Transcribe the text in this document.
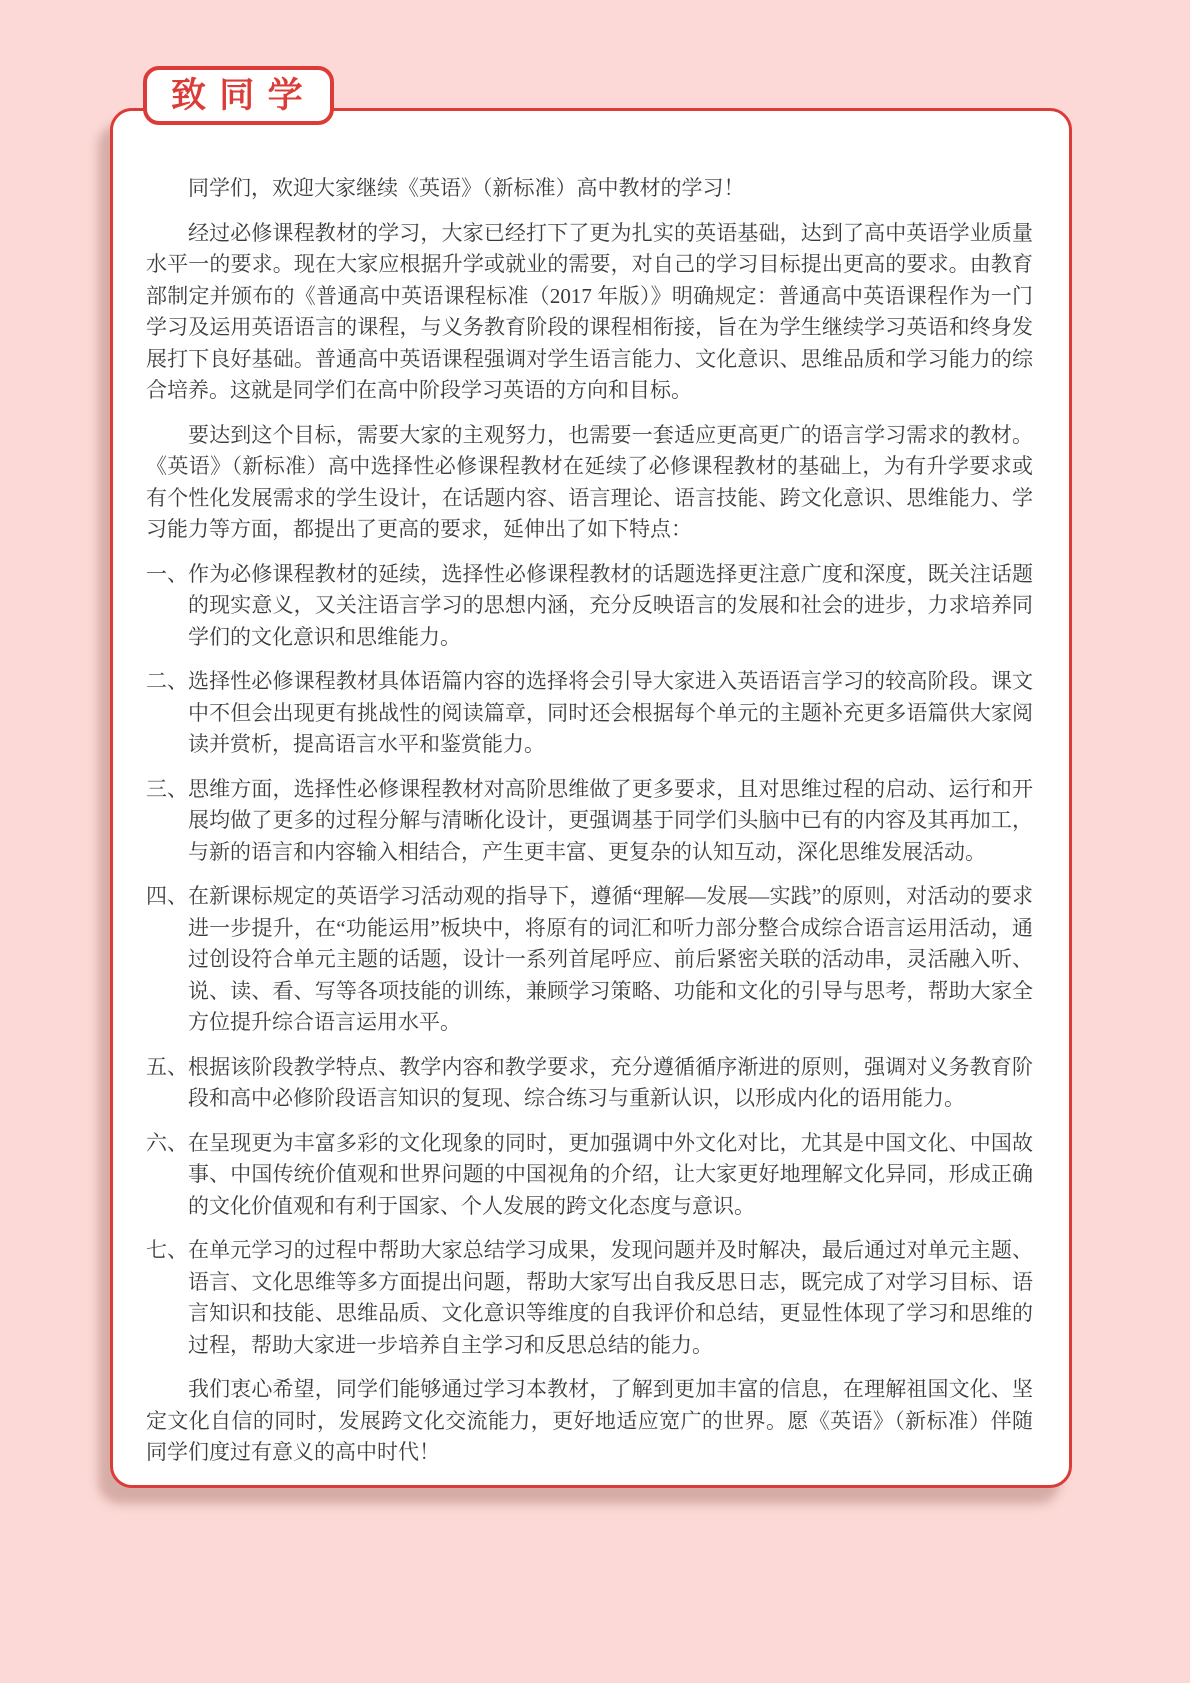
致同学

同学们，欢迎大家继续《英语》（新标准）高中教材的学习！

经过必修课程教材的学习，大家已经打下了更为扎实的英语基础，达到了高中英语学业质量水平一的要求。现在大家应根据升学或就业的需要，对自己的学习目标提出更高的要求。由教育部制定并颁布的《普通高中英语课程标准（2017 年版）》明确规定：普通高中英语课程作为一门学习及运用英语语言的课程，与义务教育阶段的课程相衔接，旨在为学生继续学习英语和终身发展打下良好基础。普通高中英语课程强调对学生语言能力、文化意识、思维品质和学习能力的综合培养。这就是同学们在高中阶段学习英语的方向和目标。

要达到这个目标，需要大家的主观努力，也需要一套适应更高更广的语言学习需求的教材。《英语》（新标准）高中选择性必修课程教材在延续了必修课程教材的基础上，为有升学要求或有个性化发展需求的学生设计，在话题内容、语言理论、语言技能、跨文化意识、思维能力、学习能力等方面，都提出了更高的要求，延伸出了如下特点：

一、 作为必修课程教材的延续，选择性必修课程教材的话题选择更注意广度和深度，既关注话题的现实意义，又关注语言学习的思想内涵，充分反映语言的发展和社会的进步，力求培养同学们的文化意识和思维能力。
二、 选择性必修课程教材具体语篇内容的选择将会引导大家进入英语语言学习的较高阶段。课文中不但会出现更有挑战性的阅读篇章，同时还会根据每个单元的主题补充更多语篇供大家阅读并赏析，提高语言水平和鉴赏能力。
三、 思维方面，选择性必修课程教材对高阶思维做了更多要求，且对思维过程的启动、运行和开展均做了更多的过程分解与清晰化设计，更强调基于同学们头脑中已有的内容及其再加工，与新的语言和内容输入相结合，产生更丰富、更复杂的认知互动，深化思维发展活动。
四、 在新课标规定的英语学习活动观的指导下，遵循“理解—发展—实践”的原则，对活动的要求进一步提升，在“功能运用”板块中，将原有的词汇和听力部分整合成综合语言运用活动，通过创设符合单元主题的话题，设计一系列首尾呼应、前后紧密关联的活动串，灵活融入听、说、读、看、写等各项技能的训练，兼顾学习策略、功能和文化的引导与思考，帮助大家全方位提升综合语言运用水平。
五、 根据该阶段教学特点、教学内容和教学要求，充分遵循循序渐进的原则，强调对义务教育阶段和高中必修阶段语言知识的复现、综合练习与重新认识，以形成内化的语用能力。
六、 在呈现更为丰富多彩的文化现象的同时，更加强调中外文化对比，尤其是中国文化、中国故事、中国传统价值观和世界问题的中国视角的介绍，让大家更好地理解文化异同，形成正确的文化价值观和有利于国家、个人发展的跨文化态度与意识。
七、 在单元学习的过程中帮助大家总结学习成果，发现问题并及时解决，最后通过对单元主题、语言、文化思维等多方面提出问题，帮助大家写出自我反思日志，既完成了对学习目标、语言知识和技能、思维品质、文化意识等维度的自我评价和总结，更显性体现了学习和思维的过程，帮助大家进一步培养自主学习和反思总结的能力。

我们衷心希望，同学们能够通过学习本教材，了解到更加丰富的信息，在理解祖国文化、坚定文化自信的同时，发展跨文化交流能力，更好地适应宽广的世界。愿《英语》（新标准）伴随同学们度过有意义的高中时代！
